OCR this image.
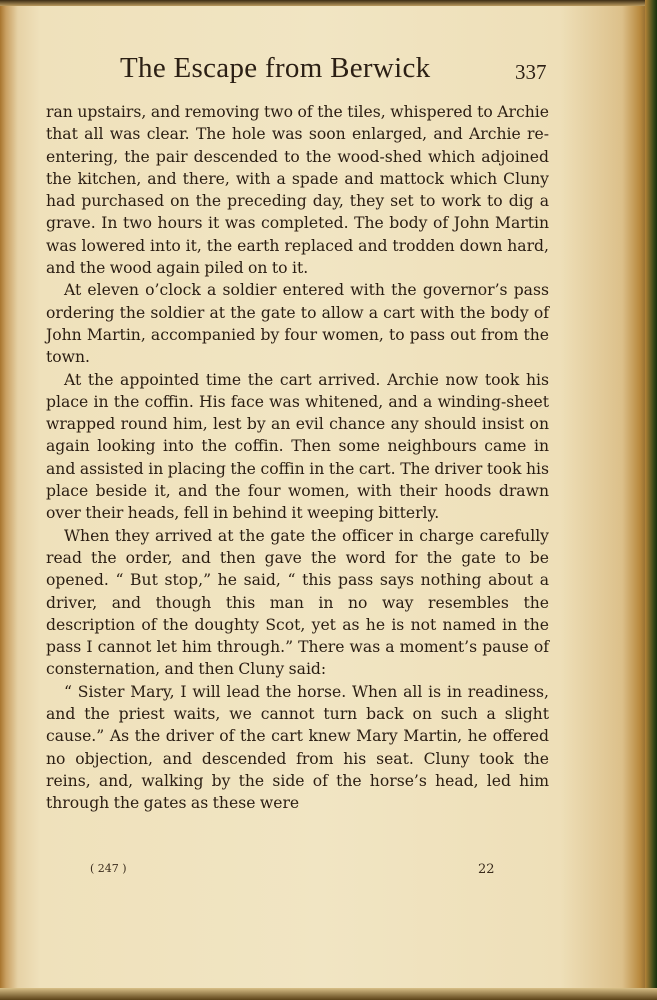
The Escape from Berwick	337

ran upstairs, and removing two of the tiles, whispered to Archie that all was clear. The hole was soon enlarged, and Archie re-entering, the pair descended to the wood-shed which adjoined the kitchen, and there, with a spade and mattock which Cluny had purchased on the preceding day, they set to work to dig a grave. In two hours it was completed. The body of John Martin was lowered into it, the earth replaced and trodden down hard, and the wood again piled on to it.

At eleven o’clock a soldier entered with the governor’s pass ordering the soldier at the gate to allow a cart with the body of John Martin, accompanied by four women, to pass out from the town.

At the appointed time the cart arrived. Archie now took his place in the coffin. His face was whitened, and a winding-sheet wrapped round him, lest by an evil chance any should insist on again looking into the coffin. Then some neighbours came in and assisted in placing the coffin in the cart. The driver took his place beside it, and the four women, with their hoods drawn over their heads, fell in behind it weeping bitterly.

When they arrived at the gate the officer in charge carefully read the order, and then gave the word for the gate to be opened. “ But stop,” he said, “ this pass says nothing about a driver, and though this man in no way resembles the description of the doughty Scot, yet as he is not named in the pass I cannot let him through.” There was a moment’s pause of consternation, and then Cluny said:

“ Sister Mary, I will lead the horse. When all is in readiness, and the priest waits, we cannot turn back on such a slight cause.” As the driver of the cart knew Mary Martin, he offered no objection, and descended from his seat. Cluny took the reins, and, walking by the side of the horse’s head, led him through the gates as these were

( 247 )	22
